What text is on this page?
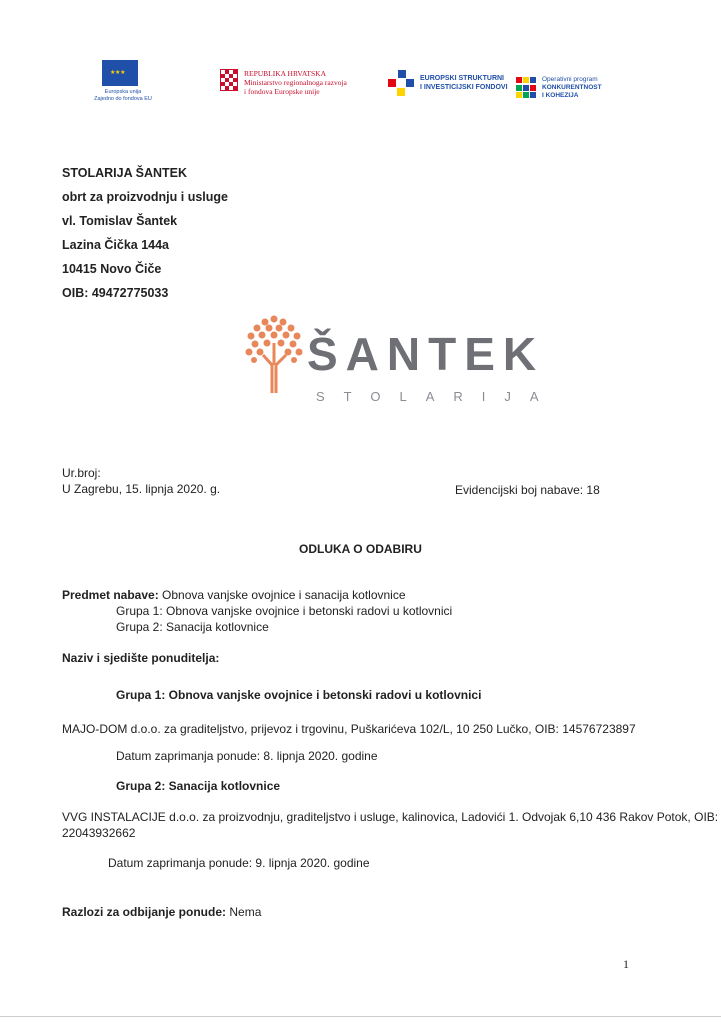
★ ★ ★
Europska unija
Zajedno do fondova EU
REPUBLIKA HRVATSKA
Ministarstvo regionalnoga razvoja
i fondova Europske unije
EUROPSKI STRUKTURNI
I INVESTICIJSKI FONDOVI
Operativni program
KONKURENTNOST
I KOHEZIJA
STOLARIJA ŠANTEK
obrt za proizvodnju i usluge
vl. Tomislav Šantek
Lazina Čička 144a
10415 Novo Čiče
OIB: 49472775033
ŠANTEK
STOLARIJA
Ur.broj:
U Zagrebu, 15. lipnja 2020. g.	Evidencijski boj nabave: 18
ODLUKA O ODABIRU
Predmet nabave: Obnova vanjske ovojnice i sanacija kotlovnice
Grupa 1: Obnova vanjske ovojnice i betonski radovi u kotlovnici
Grupa 2: Sanacija kotlovnice
Naziv i sjedište ponuditelja:
Grupa 1: Obnova vanjske ovojnice i betonski radovi u kotlovnici
MAJO-DOM d.o.o. za graditeljstvo, prijevoz i trgovinu, Puškarićeva 102/L, 10 250 Lučko, OIB: 14576723897
Datum zaprimanja ponude: 8. lipnja 2020. godine
Grupa 2: Sanacija kotlovnice
VVG INSTALACIJE d.o.o. za proizvodnju, graditeljstvo i usluge, kalinovica, Ladovići 1. Odvojak 6,10 436 Rakov Potok, OIB:
22043932662
Datum zaprimanja ponude: 9. lipnja 2020. godine
Razlozi za odbijanje ponude: Nema
1
